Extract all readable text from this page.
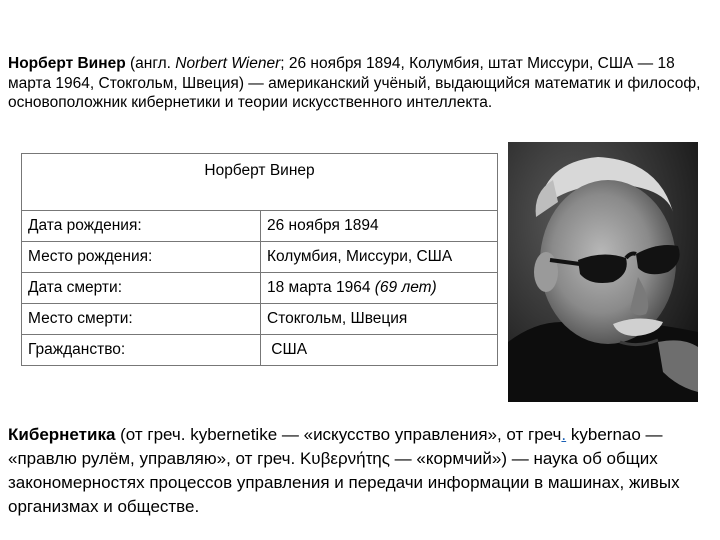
Норберт Винер (англ. Norbert Wiener; 26 ноября 1894, Колумбия, штат Миссури, США — 18 марта 1964, Стокгольм, Швеция) — американский учёный, выдающийся математик и философ, основоположник кибернетики и теории искусственного интеллекта.
Норберт Винер	

Дата рождения:	26 ноября 1894
Место рождения:	Колумбия, Миссури, США
Дата смерти:	18 марта 1964 (69 лет)
Место смерти:	Стокгольм, Швеция
Гражданство:	США
Кибернетика (от греч. kybernetike — «искусство управления», от греч. kybernao — «правлю рулём, управляю», от греч. Κυβερνήτης — «кормчий») — наука об общих закономерностях процессов управления и передачи информации в машинах, живых организмах и обществе.
